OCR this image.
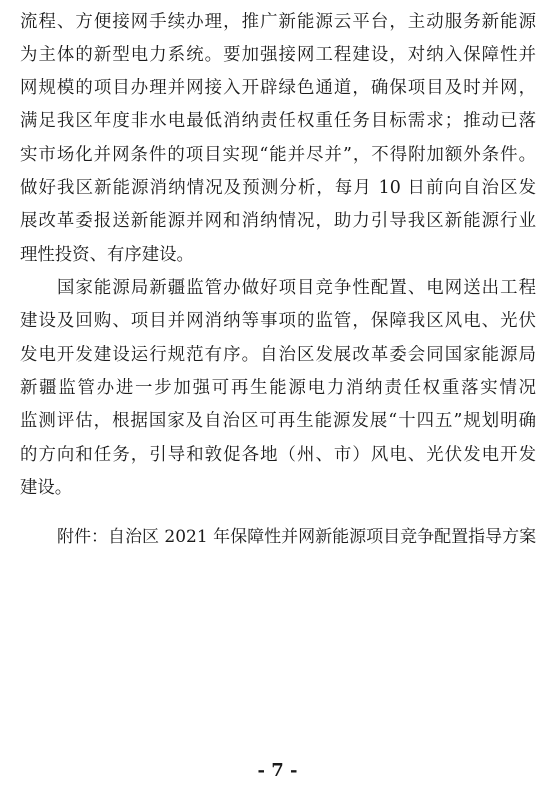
流程、方便接网手续办理，推广新能源云平台，主动服务新能源
为主体的新型电力系统。要加强接网工程建设，对纳入保障性并
网规模的项目办理并网接入开辟绿色通道，确保项目及时并网，
满足我区年度非水电最低消纳责任权重任务目标需求；推动已落
实市场化并网条件的项目实现“能并尽并”，不得附加额外条件。
做好我区新能源消纳情况及预测分析，每月 10 日前向自治区发
展改革委报送新能源并网和消纳情况，助力引导我区新能源行业
理性投资、有序建设。
国家能源局新疆监管办做好项目竞争性配置、电网送出工程
建设及回购、项目并网消纳等事项的监管，保障我区风电、光伏
发电开发建设运行规范有序。自治区发展改革委会同国家能源局
新疆监管办进一步加强可再生能源电力消纳责任权重落实情况
监测评估，根据国家及自治区可再生能源发展“十四五”规划明确
的方向和任务，引导和敦促各地（州、市）风电、光伏发电开发
建设。
附件：自治区 2021 年保障性并网新能源项目竞争配置指导方案
- 7 -
